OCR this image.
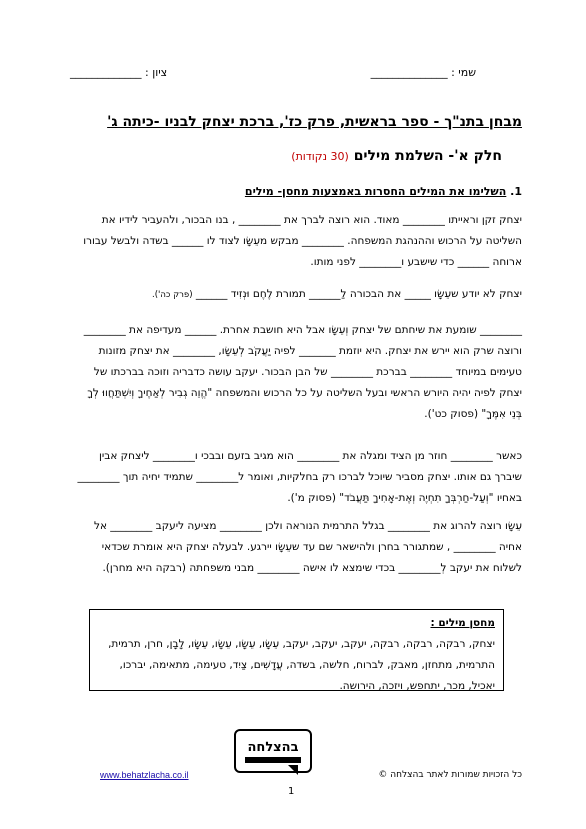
שמי : ______________
ציון : _____________
מבחן בתנ"ך - ספר בראשית, פרק כז', ברכת יצחק לבניו -כיתה ג'
חלק א'- השלמת מילים (30 נקודות)
1. השלימו את המילים החסרות באמצעות מחסן- מילים
יצחק זקן וראייתו ________ מאוד. הוא רוצה לברך את ________ , בנו הבכור, ולהעביר לידיו את השליטה על הרכוש וההנהגת המשפחה. ________ מבקש מעֵשָׂו לצוד לו ______ בשדה ולבשל עבורו ארוחה ______ כדי שישבע ו________ לפני מותו.
יצחק לא יודע שעֵשָׂו _____ את הבכורה לַ______ תמורת לֶחֶם וּנְזִיד ______ (פרק כה').
________ שומעת את שיחתם של יצחק וְעֵשָׂו אבל היא חושבת אחרת. ______ מעדיפה את ________ ורוצה שרק הוא יירש את יצחק. היא יוזמת _______ לפיה יַעֲקֹב לְעֵשָׂו, ________ את יצחק מזונות טעימים במיוחד ________ בברכת ________ של הבן הבכור. יעקב עושה כדבריה וזוכה בברכתו של יצחק לפיה יהיה היורש הראשי ובעל השליטה על כל הרכוש והמשפחה "הֱוֵה גְבִיר לְאַחֶיךָ וְיִשְׁתַּחֲווּ לְךָ בְּנֵי אִמֶּךָ" (פסוק כט').
כאשר ________ חוזר מן הציד ומגלה את ________ הוא מגיב בזעם ובבכי ו________ ליצחק אבין שיברך גם אותו. יצחק מסביר שיוכל לברכו רק בחלקיות, ואומר ל________ שתמיד יחיה תוך ________ באחיו "וְעַל-חַרְבְּךָ תִחְיֶה וְאֶת-אָחִיךָ תַּעֲבֹד" (פסוק מ').
עֵשָׂו רוצה להרוג את ________ בגלל התרמית הנוראה ולכן ________ מציעה ליעקב ________ אל אחיה ________ , שמתגורר בחרן ולהישאר שם עד שעֵשָׂו יירגע. לבעלה יצחק היא אומרת שכדאי לשלוח את יעקב לְ________ בכדי שימצא לו אישה ________ מבני משפחתה (רבקה היא מחרן).
מחסן מילים :
יצחק, רבקה, רבקה, רבקה, יעקב, יעקב, יעקב, עֵשָׂו, עֵשָׂו, עֵשָׂו, עֵשָׂו, לָבָן, חרן, תרמית, התרמית, מתחזן, מאבק, לברוח, חלשה, בשדה, עֲדָשִׁים, צַיִד, טעימה, מתאימה, יברכו, יאכיל, מכר, יתחפש, ויזכה, הירושה.
בהצלחה
www.behatzlacha.co.il	כל הזכויות שמורות לאתר בהצלחה ©
1
